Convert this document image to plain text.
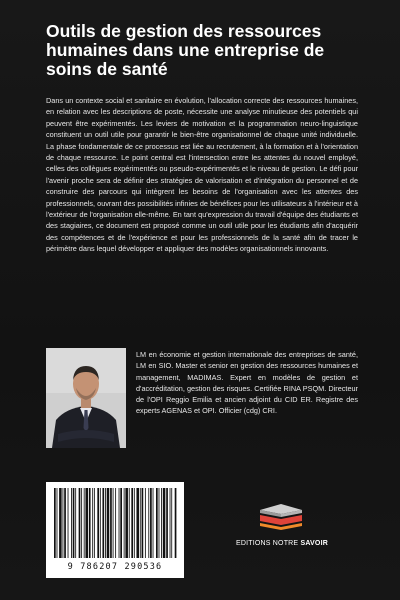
Outils de gestion des ressources humaines dans une entreprise de soins de santé

Dans un contexte social et sanitaire en évolution, l'allocation correcte des ressources humaines, en relation avec les descriptions de poste, nécessite une analyse minutieuse des potentiels qui peuvent être expérimentés. Les leviers de motivation et la programmation neuro-linguistique constituent un outil utile pour garantir le bien-être organisationnel de chaque unité individuelle. La phase fondamentale de ce processus est liée au recrutement, à la formation et à l'orientation de chaque ressource. Le point central est l'intersection entre les attentes du nouvel employé, celles des collègues expérimentés ou pseudo-expérimentés et le niveau de gestion. Le défi pour l'avenir proche sera de définir des stratégies de valorisation et d'intégration du personnel et de construire des parcours qui intègrent les besoins de l'organisation avec les attentes des professionnels, ouvrant des possibilités infinies de bénéfices pour les utilisateurs à l'intérieur et à l'extérieur de l'organisation elle-même. En tant qu'expression du travail d'équipe des étudiants et des stagiaires, ce document est proposé comme un outil utile pour les étudiants afin d'acquérir des compétences et de l'expérience et pour les professionnels de la santé afin de tracer le périmètre dans lequel développer et appliquer des modèles organisationnels innovants.

LM en économie et gestion internationale des entreprises de santé, LM en SIO. Master et senior en gestion des ressources humaines et management, MADIMAS. Expert en modèles de gestion et d'accréditation, gestion des risques. Certifiée RINA PSQM. Directeur de l'OPI Reggio Emilia et ancien adjoint du CID ER. Registre des experts AGENAS et OPI. Officier (cdg) CRI.

9 786207 290536
EDITIONS NOTRE SAVOIR
